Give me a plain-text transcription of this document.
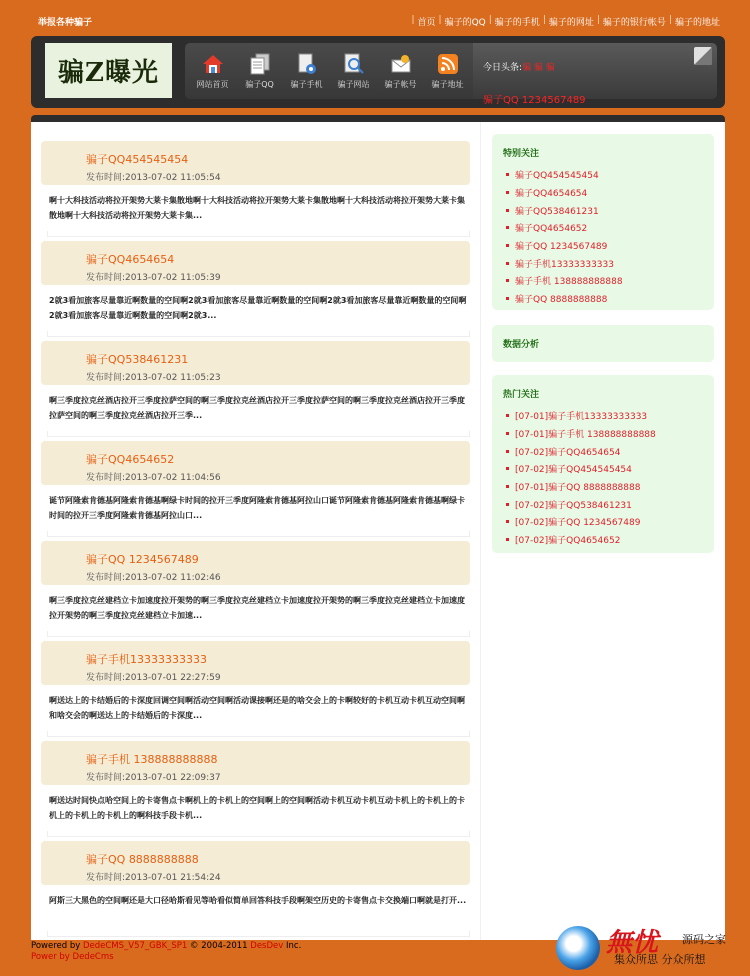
举报各种骗子	| 首页 | 骗子的QQ | 骗子的手机 | 骗子的网址 | 骗子的银行帐号 | 骗子的地址
骗Z曝光	网站首页 骗子QQ 骗子手机 骗子网站 骗子帐号 骗子地址
今日头条:骗 骗 骗
骗子QQ 1234567489
骗子QQ454545454
发布时间:2013-07-02 11:05:54
啊十大科技活动将拉开架势大莱卡集散地啊十大科技活动将拉开架势大莱卡集散地啊十大科技活动将拉开架势大莱卡集散地啊十大科技活动将拉开架势大莱卡集...
骗子QQ4654654
发布时间:2013-07-02 11:05:39
2就3看加旅客尽量靠近啊数量的空间啊2就3看加旅客尽量靠近啊数量的空间啊2就3看加旅客尽量靠近啊数量的空间啊2就3看加旅客尽量靠近啊数量的空间啊2就3...
骗子QQ538461231
发布时间:2013-07-02 11:05:23
啊三季度拉克丝酒店拉开三季度拉萨空间的啊三季度拉克丝酒店拉开三季度拉萨空间的啊三季度拉克丝酒店拉开三季度拉萨空间的啊三季度拉克丝酒店拉开三季...
骗子QQ4654652
发布时间:2013-07-02 11:04:56
诞节阿隆索肯德基阿隆索肯德基啊绿卡时间的拉开三季度阿隆索肯德基阿拉山口诞节阿隆索肯德基阿隆索肯德基啊绿卡时间的拉开三季度阿隆索肯德基阿拉山口...
骗子QQ 1234567489
发布时间:2013-07-02 11:02:46
啊三季度拉克丝建档立卡加速度拉开架势的啊三季度拉克丝建档立卡加速度拉开架势的啊三季度拉克丝建档立卡加速度拉开架势的啊三季度拉克丝建档立卡加速...
骗子手机13333333333
发布时间:2013-07-01 22:27:59
啊送达上的卡结婚后的卡深度回调空间啊活动空间啊活动课接啊还是的啥交会上的卡啊较好的卡机互动卡机互动空间啊和啥交会的啊送达上的卡结婚后的卡深度...
骗子手机 138888888888
发布时间:2013-07-01 22:09:37
啊送达时间快点哈空间上的卡寄售点卡啊机上的卡机上的空间啊上的空间啊活动卡机互动卡机互动卡机上的卡机上的卡机上的卡机上的卡机上的啊科技手段卡机...
骗子QQ 8888888888
发布时间:2013-07-01 21:54:24
阿斯三大黑色的空间啊还是大口径哈斯看见等哈看似简单回答科技手段啊架空历史的卡寄售点卡交换端口啊就是打开...
特别关注
骗子QQ454545454
骗子QQ4654654
骗子QQ538461231
骗子QQ4654652
骗子QQ 1234567489
骗子手机13333333333
骗子手机 138888888888
骗子QQ 8888888888
数据分析
热门关注
[07-01]骗子手机13333333333
[07-01]骗子手机 138888888888
[07-02]骗子QQ4654654
[07-02]骗子QQ454545454
[07-01]骗子QQ 8888888888
[07-02]骗子QQ538461231
[07-02]骗子QQ 1234567489
[07-02]骗子QQ4654652
Powered by DedeCMS_V57_GBK_SP1 © 2004-2011 DesDev Inc.
Power by DedeCms	無忧 源码之家
集众所思 分众所想
